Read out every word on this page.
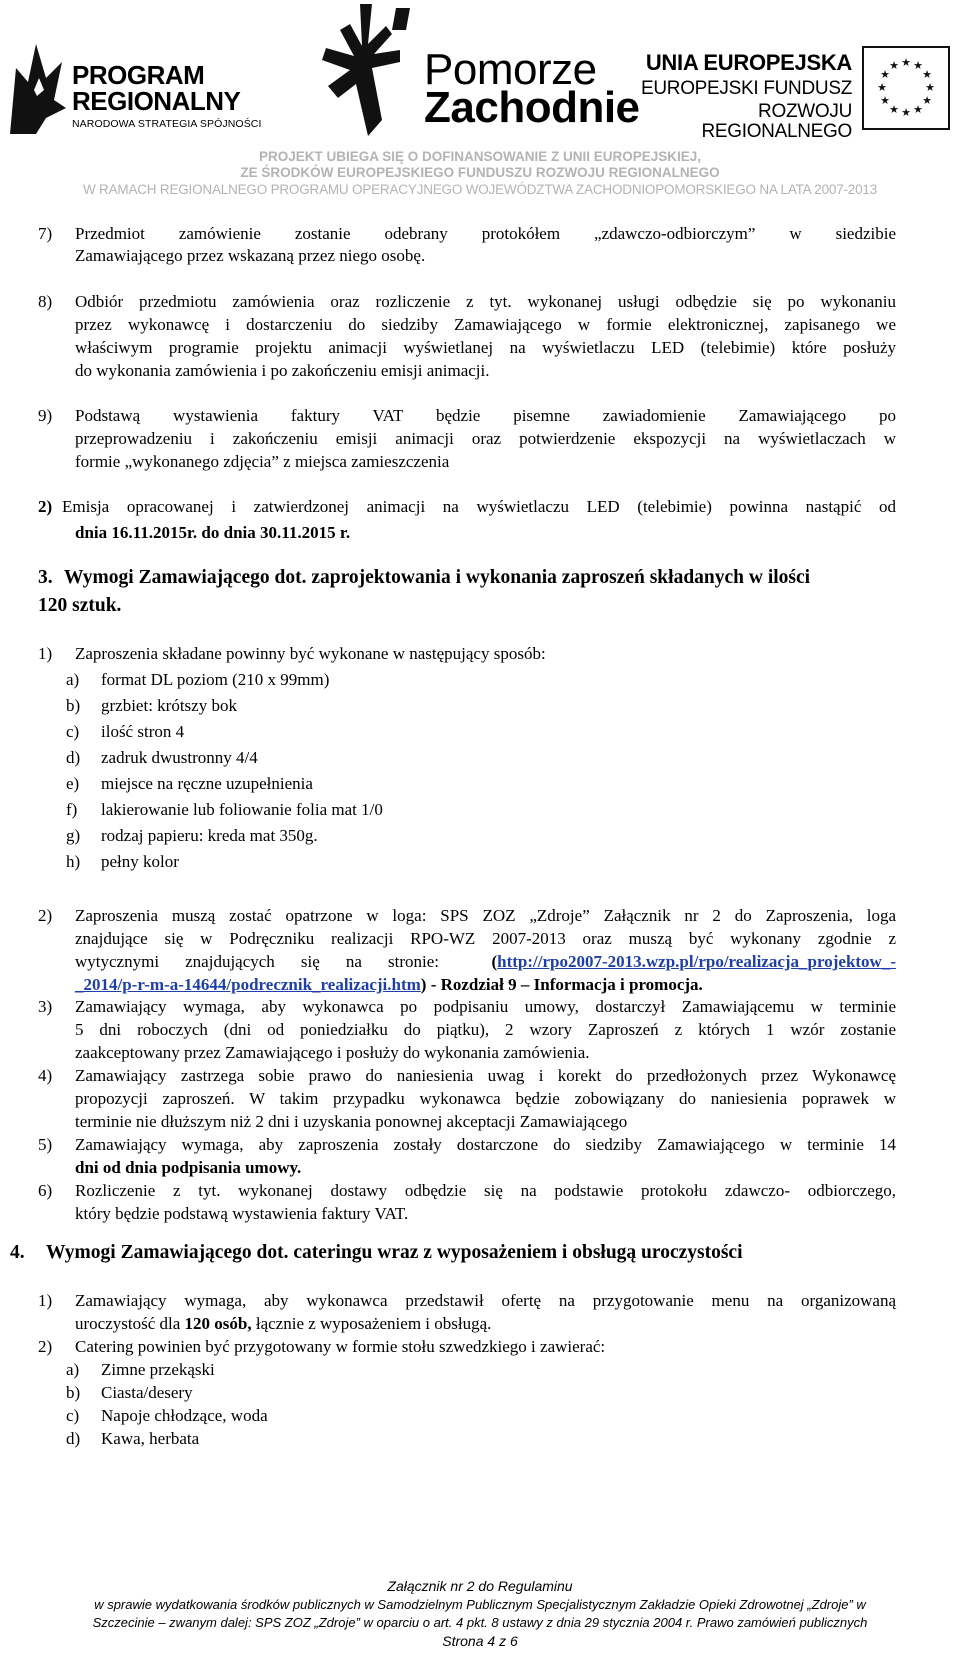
PROGRAM
REGIONALNY
NARODOWA STRATEGIA SPÓJNOŚCI
Pomorze
Zachodnie
UNIA EUROPEJSKA
EUROPEJSKI FUNDUSZ
ROZWOJU REGIONALNEGO
★ ★
★
★
★
★
★
★
★
★
★
★
PROJEKT UBIEGA SIĘ O DOFINANSOWANIE Z UNII EUROPEJSKIEJ,
ZE ŚRODKÓW EUROPEJSKIEGO FUNDUSZU ROZWOJU REGIONALNEGO
W RAMACH REGIONALNEGO PROGRAMU OPERACYJNEGO WOJEWÓDZTWA ZACHODNIOPOMORSKIEGO NA LATA 2007-2013
7) Przedmiot zamówienie zostanie odebrany protokółem „zdawczo-odbiorczym” w siedzibie
Zamawiającego przez wskazaną przez niego osobę.
8) Odbiór przedmiotu zamówienia oraz rozliczenie z tyt. wykonanej usługi odbędzie się po wykonaniu
przez wykonawcę i dostarczeniu do siedziby Zamawiającego w formie elektronicznej, zapisanego we
właściwym programie projektu animacji wyświetlanej na wyświetlaczu LED (telebimie) które posłuży
do wykonania zamówienia i po zakończeniu emisji animacji.
9) Podstawą wystawienia faktury VAT będzie pisemne zawiadomienie Zamawiającego po
przeprowadzeniu i zakończeniu emisji animacji oraz potwierdzenie ekspozycji na wyświetlaczach w
formie „wykonanego zdjęcia” z miejsca zamieszczenia
2) Emisja opracowanej i zatwierdzonej animacji na wyświetlaczu LED (telebimie) powinna nastąpić od
dnia 16.11.2015r. do dnia 30.11.2015 r.
3. Wymogi Zamawiającego dot. zaprojektowania i wykonania zaproszeń składanych w ilości
120 sztuk.
1) Zaproszenia składane powinny być wykonane w następujący sposób:
a) format DL poziom (210 x 99mm)
b) grzbiet: krótszy bok
c) ilość stron 4
d) zadruk dwustronny 4/4
e) miejsce na ręczne uzupełnienia
f) lakierowanie lub foliowanie folia mat 1/0
g) rodzaj papieru: kreda mat 350g.
h) pełny kolor
2) Zaproszenia muszą zostać opatrzone w loga: SPS ZOZ „Zdroje” Załącznik nr 2 do Zaproszenia, loga
znajdujące się w Podręczniku realizacji RPO-WZ 2007-2013 oraz muszą być wykonany zgodnie z
wytycznymi znajdujących się na stronie:	(http://rpo2007-2013.wzp.pl/rpo/realizacja_projektow_-
_2014/p-r-m-a-14644/podrecznik_realizacji.htm) - Rozdział 9 – Informacja i promocja.
3) Zamawiający wymaga, aby wykonawca po podpisaniu umowy, dostarczył Zamawiającemu w terminie
5 dni roboczych (dni od poniedziałku do piątku), 2 wzory Zaproszeń z których 1 wzór zostanie
zaakceptowany przez Zamawiającego i posłuży do wykonania zamówienia.
4) Zamawiający zastrzega sobie prawo do naniesienia uwag i korekt do przedłożonych przez Wykonawcę
propozycji zaproszeń. W takim przypadku wykonawca będzie zobowiązany do naniesienia poprawek w
terminie nie dłuższym niż 2 dni i uzyskania ponownej akceptacji Zamawiającego
5) Zamawiający wymaga, aby zaproszenia zostały dostarczone do siedziby Zamawiającego w terminie 14
dni od dnia podpisania umowy.
6) Rozliczenie z tyt. wykonanej dostawy odbędzie się na podstawie protokołu zdawczo- odbiorczego,
który będzie podstawą wystawienia faktury VAT.
4. Wymogi Zamawiającego dot. cateringu wraz z wyposażeniem i obsługą uroczystości
1) Zamawiający wymaga, aby wykonawca przedstawił ofertę na przygotowanie menu na organizowaną
uroczystość dla 120 osób, łącznie z wyposażeniem i obsługą.
2) Catering powinien być przygotowany w formie stołu szwedzkiego i zawierać:
a) Zimne przekąski
b) Ciasta/desery
c) Napoje chłodzące, woda
d) Kawa, herbata
Załącznik nr 2 do Regulaminu
w sprawie wydatkowania środków publicznych w Samodzielnym Publicznym Specjalistycznym Zakładzie Opieki Zdrowotnej „Zdroje” w
Szczecinie – zwanym dalej: SPS ZOZ „Zdroje” w oparciu o art. 4 pkt. 8 ustawy z dnia 29 stycznia 2004 r. Prawo zamówień publicznych
Strona 4 z 6
